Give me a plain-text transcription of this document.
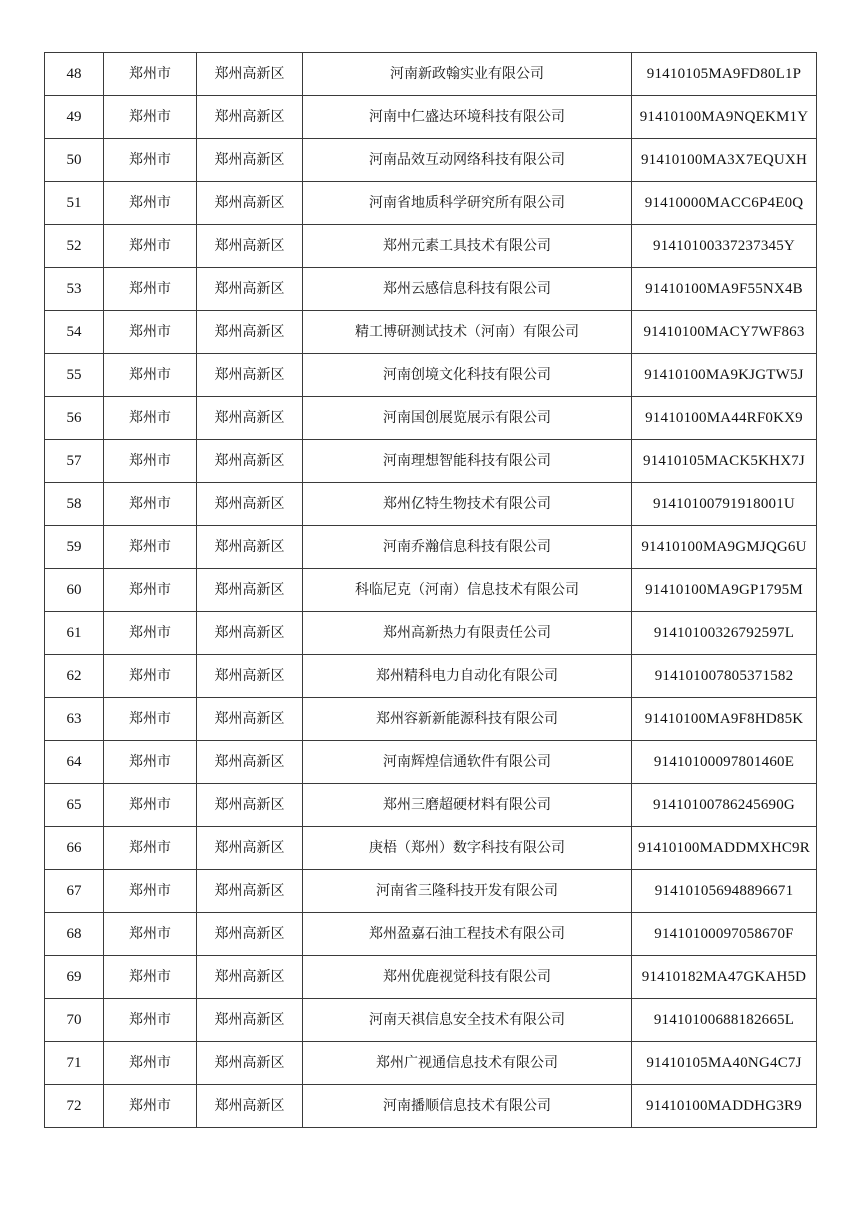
48	郑州市	郑州高新区	河南新政翰实业有限公司	91410105MA9FD80L1P
49	郑州市	郑州高新区	河南中仁盛达环境科技有限公司	91410100MA9NQEKM1Y
50	郑州市	郑州高新区	河南品效互动网络科技有限公司	91410100MA3X7EQUXH
51	郑州市	郑州高新区	河南省地质科学研究所有限公司	91410000MACC6P4E0Q
52	郑州市	郑州高新区	郑州元素工具技术有限公司	91410100337237345Y
53	郑州市	郑州高新区	郑州云感信息科技有限公司	91410100MA9F55NX4B
54	郑州市	郑州高新区	精工博研测试技术（河南）有限公司	91410100MACY7WF863
55	郑州市	郑州高新区	河南创境文化科技有限公司	91410100MA9KJGTW5J
56	郑州市	郑州高新区	河南国创展览展示有限公司	91410100MA44RF0KX9
57	郑州市	郑州高新区	河南理想智能科技有限公司	91410105MACK5KHX7J
58	郑州市	郑州高新区	郑州亿特生物技术有限公司	91410100791918001U
59	郑州市	郑州高新区	河南乔瀚信息科技有限公司	91410100MA9GMJQG6U
60	郑州市	郑州高新区	科临尼克（河南）信息技术有限公司	91410100MA9GP1795M
61	郑州市	郑州高新区	郑州高新热力有限责任公司	91410100326792597L
62	郑州市	郑州高新区	郑州精科电力自动化有限公司	914101007805371582
63	郑州市	郑州高新区	郑州容新新能源科技有限公司	91410100MA9F8HD85K
64	郑州市	郑州高新区	河南辉煌信通软件有限公司	91410100097801460E
65	郑州市	郑州高新区	郑州三磨超硬材料有限公司	91410100786245690G
66	郑州市	郑州高新区	庚梧（郑州）数字科技有限公司	91410100MADDMXHC9R
67	郑州市	郑州高新区	河南省三隆科技开发有限公司	914101056948896671
68	郑州市	郑州高新区	郑州盈嘉石油工程技术有限公司	91410100097058670F
69	郑州市	郑州高新区	郑州优鹿视觉科技有限公司	91410182MA47GKAH5D
70	郑州市	郑州高新区	河南天祺信息安全技术有限公司	91410100688182665L
71	郑州市	郑州高新区	郑州广视通信息技术有限公司	91410105MA40NG4C7J
72	郑州市	郑州高新区	河南播顺信息技术有限公司	91410100MADDHG3R9
